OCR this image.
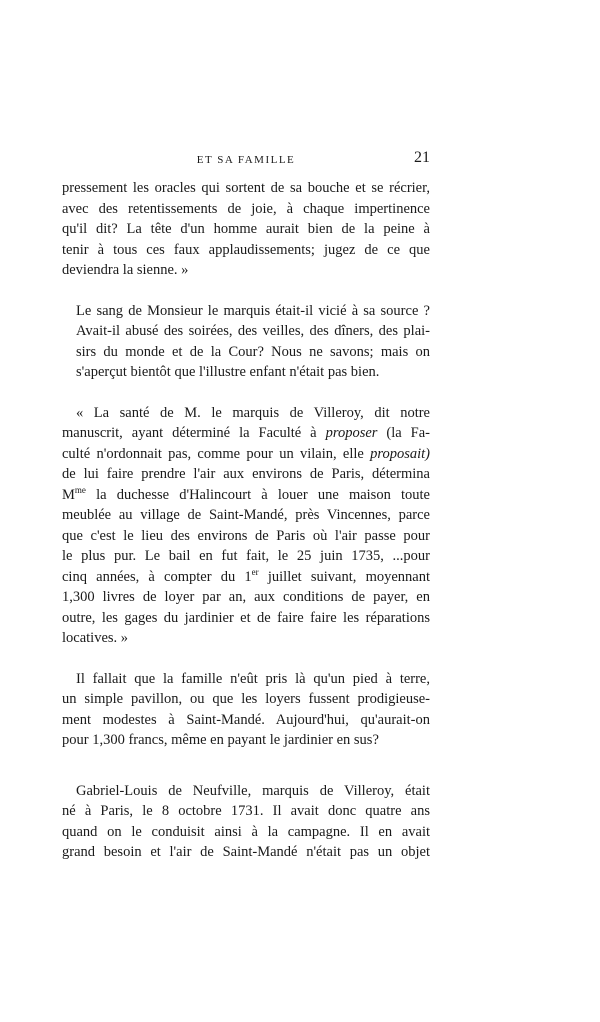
ET SA FAMILLE	21

pressement les oracles qui sortent de sa bouche et se récrier,
avec des retentissements de joie, à chaque impertinence
qu'il dit? La tête d'un homme aurait bien de la peine à
tenir à tous ces faux applaudissements; jugez de ce que
deviendra la sienne. »

Le sang de Monsieur le marquis était-il vicié à sa source ?
Avait-il abusé des soirées, des veilles, des dîners, des plai-
sirs du monde et de la Cour? Nous ne savons; mais on
s'aperçut bientôt que l'illustre enfant n'était pas bien.

« La santé de M. le marquis de Villeroy, dit notre
manuscrit, ayant déterminé la Faculté à proposer (la Fa-
culté n'ordonnait pas, comme pour un vilain, elle proposait)
de lui faire prendre l'air aux environs de Paris, détermina
$M^{me}$ la duchesse d'Halincourt à louer une maison toute
meublée au village de Saint-Mandé, près Vincennes, parce
que c'est le lieu des environs de Paris où l'air passe pour
le plus pur. Le bail en fut fait, le 25 juin 1735, ...pour
cinq années, à compter du 1er juillet suivant, moyennant
1,300 livres de loyer par an, aux conditions de payer, en
outre, les gages du jardinier et de faire faire les réparations
locatives. »

Il fallait que la famille n'eût pris là qu'un pied à terre,
un simple pavillon, ou que les loyers fussent prodigieuse-
ment modestes à Saint-Mandé. Aujourd'hui, qu'aurait-on
pour 1,300 francs, même en payant le jardinier en sus?

Gabriel-Louis de Neufville, marquis de Villeroy, était
né à Paris, le 8 octobre 1731. Il avait donc quatre ans
quand on le conduisit ainsi à la campagne. Il en avait
grand besoin et l'air de Saint-Mandé n'était pas un objet
